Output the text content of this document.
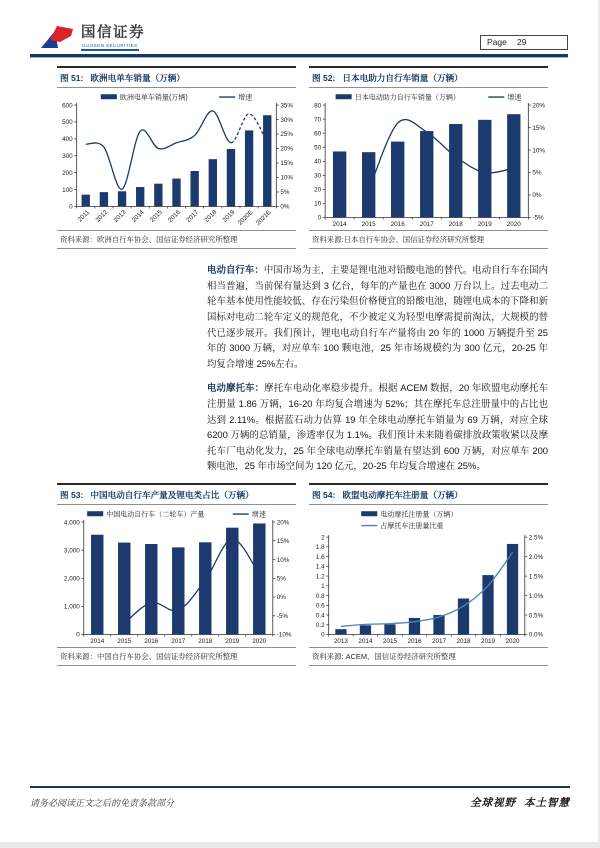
国信证券
GUOSEN SECURITIES	Page 29
图 51: 欧洲电单车销量（万辆）
0
100
200
300
400
500
600
0%
5%
10%
15%
20%
25%
30%
35%
2011 2012 2013 2014 2015 2016 2017 2018 2019 2020E 2021E
欧洲电单车销量(万辆)	增速
资料来源：欧洲自行车协会、国信证券经济研究所整理
图 52: 日本电助力自行车销量（万辆）
0
10
20
30
40
50
60
70
80
-5%
0%
5%
10%
15%
20%
2014 2015 2016 2017 2018 2019 2020
日本电动助力自行车销量（万辆）	增速
资料来源:日本自行车协会、国信证券经济研究所整理

电动自行车：中国市场为主，主要是锂电池对铅酸电池的替代。电动自行车在国内相当普遍，当前保有量达到 3 亿台，每年的产量也在 3000 万台以上。过去电动二轮车基本使用性能较低、存在污染但价格便宜的铅酸电池，随锂电成本的下降和新国标对电动二轮车定义的规范化，不少被定义为轻型电摩需提前淘汰，大规模的替代已逐步展开。我们预计，锂电电动自行车产量将由 20 年的 1000 万辆提升至 25 年的 3000 万辆，对应单车 100 颗电池，25 年市场规模约为 300 亿元，20-25 年均复合增速 25%左右。

电动摩托车：摩托车电动化率稳步提升。根据 ACEM 数据，20 年欧盟电动摩托车注册量 1.86 万辆，16-20 年均复合增速为 52%；其在摩托车总注册量中的占比也达到 2.11%。根据蓝石动力估算 19 年全球电动摩托车销量为 69 万辆，对应全球 6200 万辆的总销量，渗透率仅为 1.1%。我们预计未来随着碳排放政策收紧以及摩托车厂电动化发力，25 年全球电动摩托车销量有望达到 600 万辆，对应单车 200 颗电池，25 年市场空间为 120 亿元，20-25 年均复合增速在 25%。

图 53: 中国电动自行车产量及锂电类占比（万辆）
0
1,000
2,000
3,000
4,000
-10%
-5%
0%
5%
10%
15%
20%
2014 2015 2016 2017 2018 2019 2020
中国电动自行车（二轮车）产量	增速
资料来源：中国自行车协会、国信证券经济研究所整理
图 54: 欧盟电动摩托车注册量（万辆）
0
0.2
0.4
0.6
0.8
1
1.2
1.4
1.6
1.8
2
0.0%
0.5%
1.0%
1.5%
2.0%
2.5%
2013 2014 2015 2016 2017 2018 2019 2020
电动摩托注册量（万辆）
占摩托车注册量比重
资料来源: ACEM、国信证券经济研究所整理
请务必阅读正文之后的免责条款部分	全球视野 本土智慧
